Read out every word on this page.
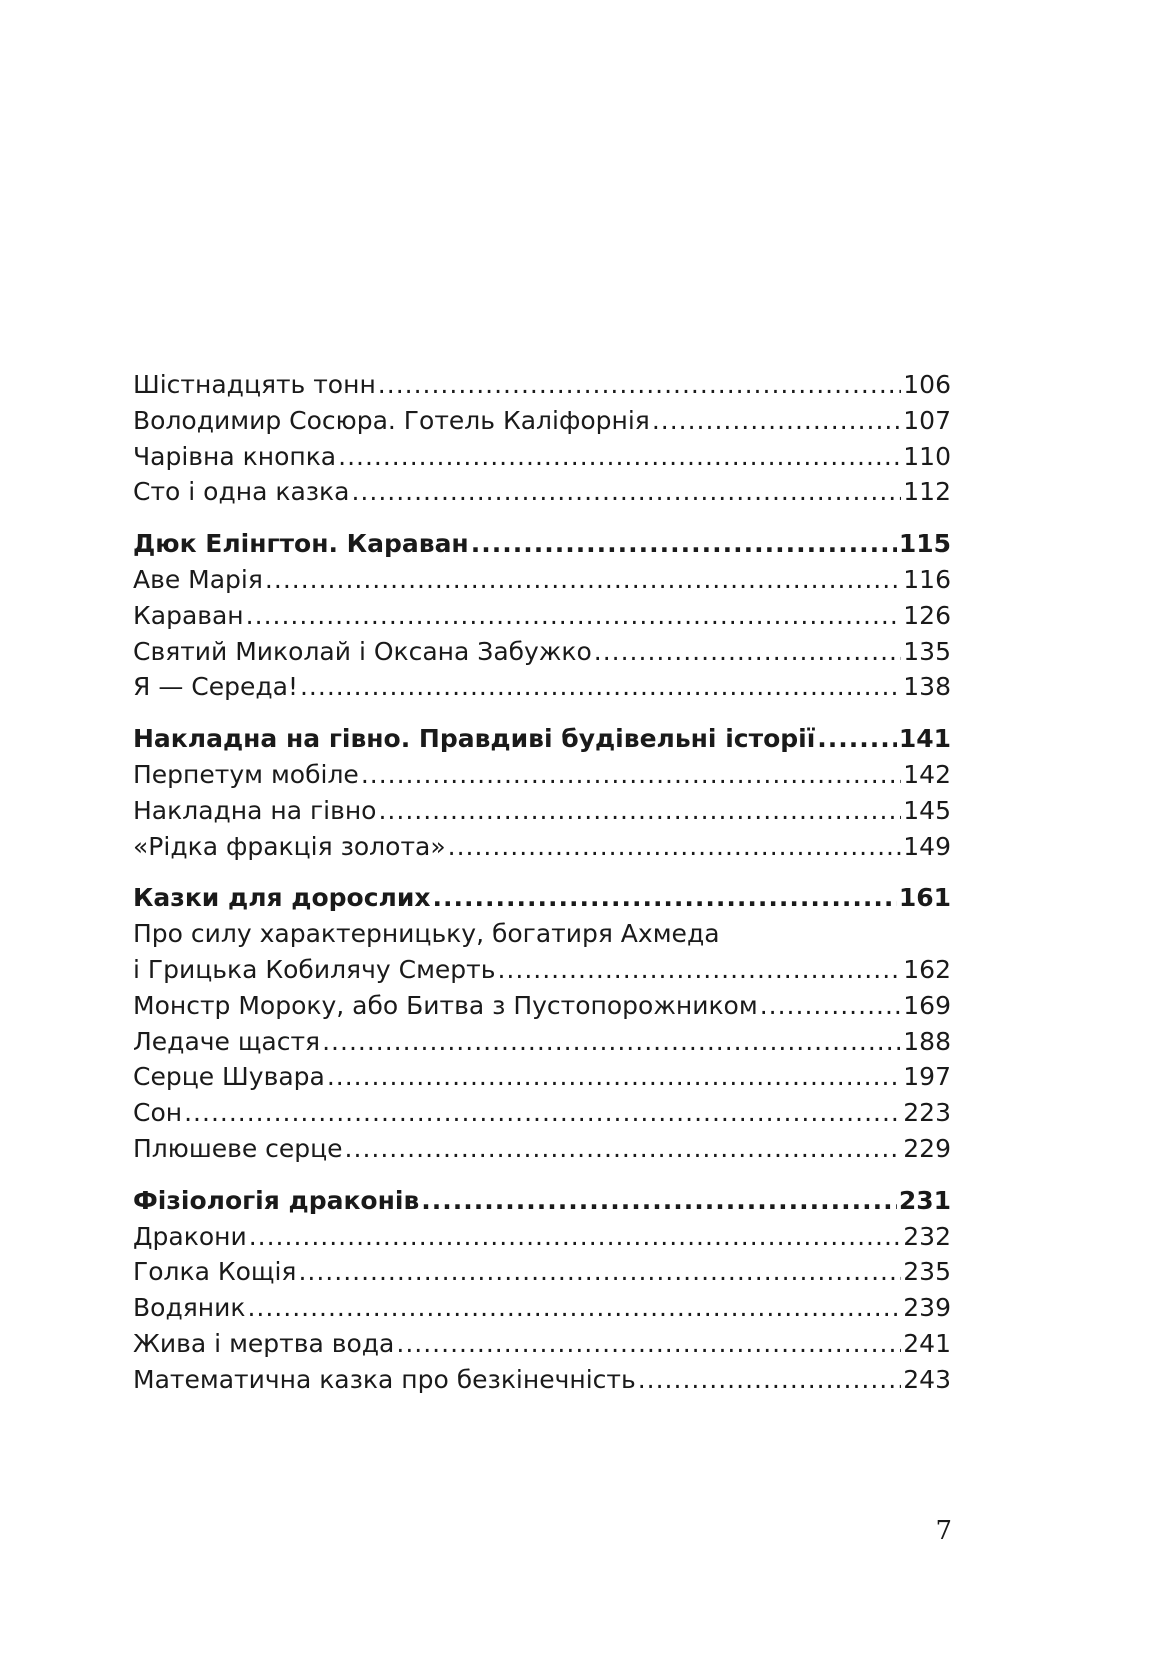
Шістнадцять тонн .....	106
Володимир Сосюра. Готель Каліфорнія .....	107
Чарівна кнопка .....	110
Сто і одна казка .....	112
Дюк Елінгтон. Караван .....	115
Аве Марія .....	116
Караван .....	126
Святий Миколай і Оксана Забужко .....	135
Я — Середа! .....	138
Накладна на гівно. Правдиві будівельні історії .....	141
Перпетум мобіле .....	142
Накладна на гівно .....	145
«Рідка фракція золота» .....	149
Казки для дорослих .....	161
Про силу характерницьку, богатиря Ахмеда
і Грицька Кобилячу Смерть .....	162
Монстр Мороку, або Битва з Пустопорожником .....	169
Ледаче щастя .....	188
Серце Шувара .....	197
Сон .....	223
Плюшеве серце .....	229
Фізіологія драконів .....	231
Дракони .....	232
Голка Кощія .....	235
Водяник .....	239
Жива і мертва вода .....	241
Математична казка про безкінечність .....	243
7
